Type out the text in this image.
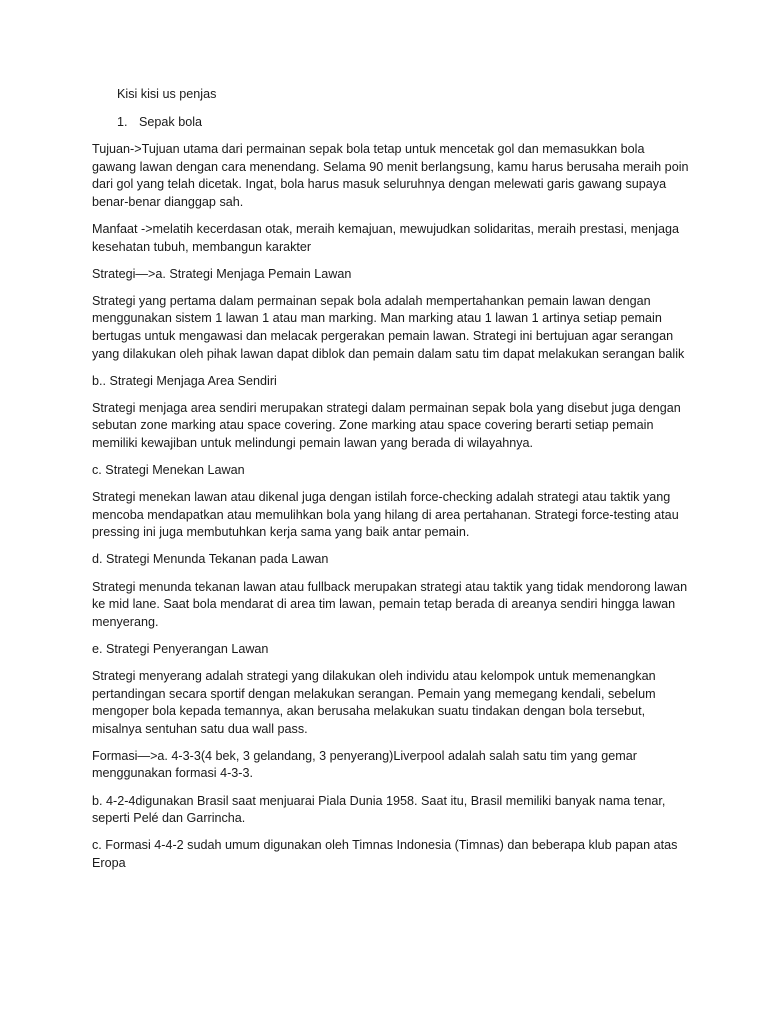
Kisi kisi us penjas

1. Sepak bola

Tujuan->Tujuan utama dari permainan sepak bola tetap untuk mencetak gol dan memasukkan bola gawang lawan dengan cara menendang. Selama 90 menit berlangsung, kamu harus berusaha meraih poin dari gol yang telah dicetak. Ingat, bola harus masuk seluruhnya dengan melewati garis gawang supaya benar-benar dianggap sah.

Manfaat ->melatih kecerdasan otak, meraih kemajuan, mewujudkan solidaritas, meraih prestasi, menjaga kesehatan tubuh, membangun karakter

Strategi—>a. Strategi Menjaga Pemain Lawan

Strategi yang pertama dalam permainan sepak bola adalah mempertahankan pemain lawan dengan menggunakan sistem 1 lawan 1 atau man marking. Man marking atau 1 lawan 1 artinya setiap pemain bertugas untuk mengawasi dan melacak pergerakan pemain lawan. Strategi ini bertujuan agar serangan yang dilakukan oleh pihak lawan dapat diblok dan pemain dalam satu tim dapat melakukan serangan balik

b.. Strategi Menjaga Area Sendiri

Strategi menjaga area sendiri merupakan strategi dalam permainan sepak bola yang disebut juga dengan sebutan zone marking atau space covering. Zone marking atau space covering berarti setiap pemain memiliki kewajiban untuk melindungi pemain lawan yang berada di wilayahnya.

c. Strategi Menekan Lawan

Strategi menekan lawan atau dikenal juga dengan istilah force-checking adalah strategi atau taktik yang mencoba mendapatkan atau memulihkan bola yang hilang di area pertahanan. Strategi force-testing atau pressing ini juga membutuhkan kerja sama yang baik antar pemain.

d. Strategi Menunda Tekanan pada Lawan

Strategi menunda tekanan lawan atau fullback merupakan strategi atau taktik yang tidak mendorong lawan ke mid lane. Saat bola mendarat di area tim lawan, pemain tetap berada di areanya sendiri hingga lawan menyerang.

e. Strategi Penyerangan Lawan

Strategi menyerang adalah strategi yang dilakukan oleh individu atau kelompok untuk memenangkan pertandingan secara sportif dengan melakukan serangan. Pemain yang memegang kendali, sebelum mengoper bola kepada temannya, akan berusaha melakukan suatu tindakan dengan bola tersebut, misalnya sentuhan satu dua wall pass.

Formasi—>a. 4-3-3(4 bek, 3 gelandang, 3 penyerang)Liverpool adalah salah satu tim yang gemar menggunakan formasi 4-3-3.

b. 4-2-4digunakan Brasil saat menjuarai Piala Dunia 1958. Saat itu, Brasil memiliki banyak nama tenar, seperti Pelé dan Garrincha.

c. Formasi 4-4-2 sudah umum digunakan oleh Timnas Indonesia (Timnas) dan beberapa klub papan atas Eropa
